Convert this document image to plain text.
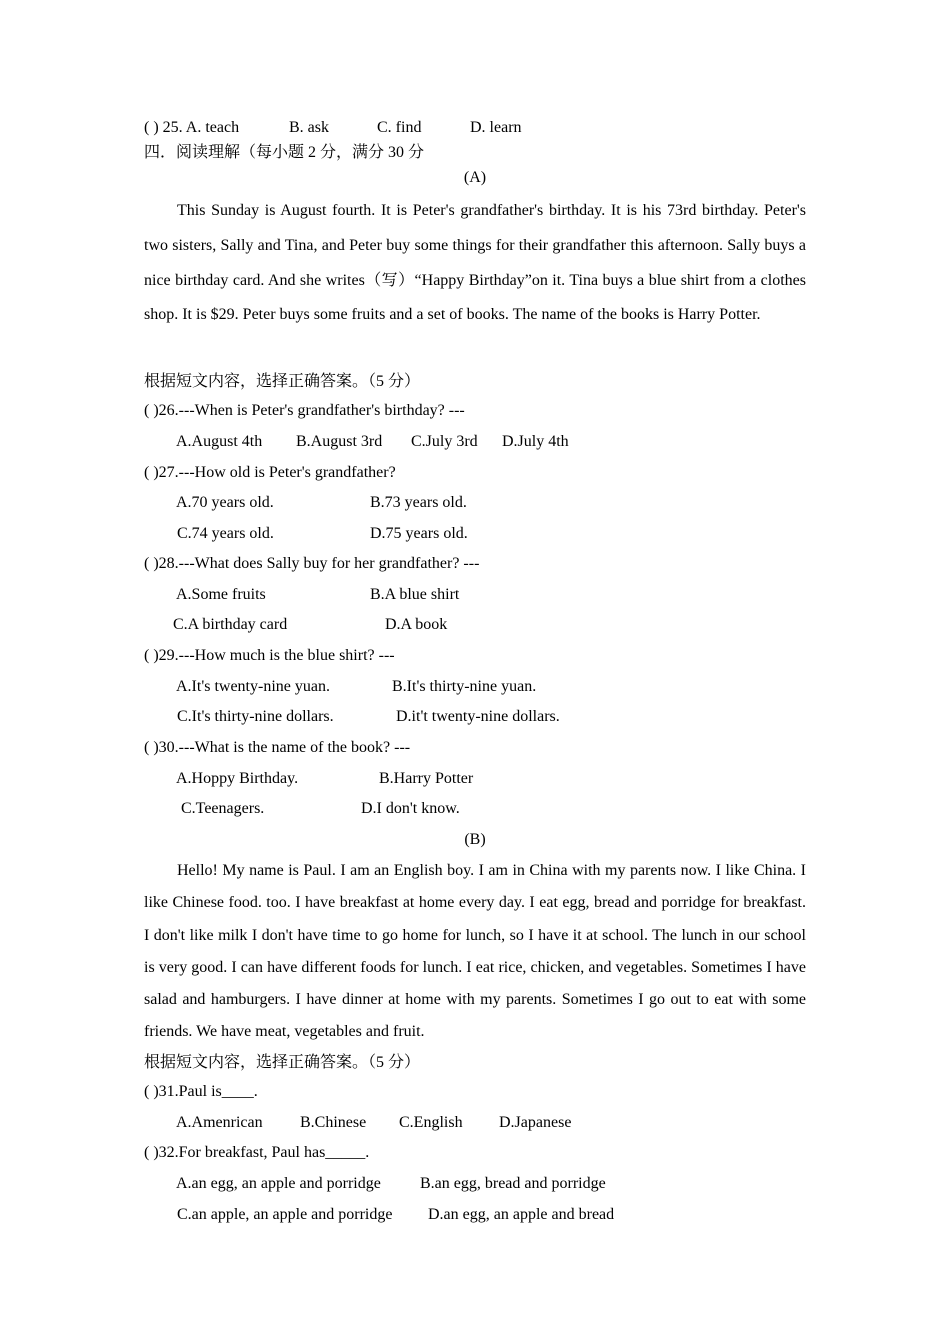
( ) 25. A. teach	B. ask	C. find	D. learn
四．阅读理解（每小题 2 分，满分 30 分
(A)
This Sunday is August fourth. It is Peter's grandfather's birthday. It is his 73rd birthday. Peter's two sisters, Sally and Tina, and Peter buy some things for their grandfather this afternoon. Sally buys a nice birthday card. And she writes（写）“Happy Birthday”on it. Tina buys a blue shirt from a clothes shop. It is $29. Peter buys some fruits and a set of books. The name of the books is Harry Potter.
根据短文内容，选择正确答案。（5 分）
( )26.---When is Peter's grandfather's birthday? ---
A.August 4th B.August 3rd C.July 3rd D.July 4th
( )27.---How old is Peter's grandfather?
A.70 years old.	B.73 years old.
C.74 years old.	D.75 years old.
( )28.---What does Sally buy for her grandfather? ---
A.Some fruits	B.A blue shirt
C.A birthday card	D.A book
( )29.---How much is the blue shirt? ---
A.It's twenty-nine yuan.	B.It's thirty-nine yuan.
C.It's thirty-nine dollars.	D.it't twenty-nine dollars.
( )30.---What is the name of the book? ---
A.Hoppy Birthday.	B.Harry Potter
C.Teenagers.	D.I don't know.
(B)
Hello! My name is Paul. I am an English boy. I am in China with my parents now. I like China. I like Chinese food. too. I have breakfast at home every day. I eat egg, bread and porridge for breakfast. I don't like milk I don't have time to go home for lunch, so I have it at school. The lunch in our school is very good. I can have different foods for lunch. I eat rice, chicken, and vegetables. Sometimes I have salad and hamburgers. I have dinner at home with my parents. Sometimes I go out to eat with some friends. We have meat, vegetables and fruit.
根据短文内容，选择正确答案。（5 分）
( )31.Paul is____.
A.Amenrican B.Chinese C.English D.Japanese
( )32.For breakfast, Paul has_____.
A.an egg, an apple and porridge B.an egg, bread and porridge
C.an apple, an apple and porridge D.an egg, an apple and bread
